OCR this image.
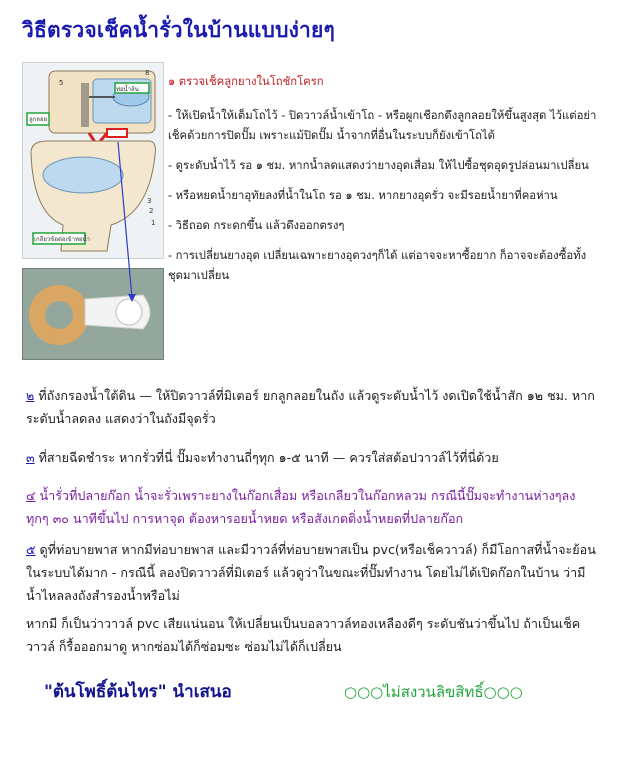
วิธีตรวจเช็คน้ำรั่วในบ้านแบบง่ายๆ
5
8
3
1
2
ท่อน้ำล้น
ลูกลอย
เกลียวข้อต่อเข้าท่อน้ำ
๑ ตรวจเช็คลูกยางในโถชักโครก
- ให้เปิดน้ำให้เต็มโถไว้ - ปิดวาวล์น้ำเข้าโถ - หรือผูกเชือกดึงลูกลอยให้ขึ้นสูงสุด ไว้แต่อย่าเช็คด้วยการปิดปั๊ม เพราะแม้ปิดปั๊ม น้ำจากที่อื่นในระบบก็ยังเข้าโถได้
- ดูระดับน้ำไว้ รอ ๑ ชม. หากน้ำลดแสดงว่ายางอุดเสื่อม ให้ไปซื้อชุดอุดรูปล่อนมาเปลี่ยน
- หรือหยดน้ำยาอุทัยลงที่น้ำในโถ รอ ๑ ชม. หากยางอุดรั่ว จะมีรอยน้ำยาที่คอห่าน
- วิธีถอด กระดกขึ้น แล้วดึงออกตรงๆ
- การเปลี่ยนยางอุด เปลี่ยนเฉพาะยางอุดวงๆก็ได้ แต่อาจจะหาซื้อยาก ก็อาจจะต้องซื้อทั้งชุดมาเปลี่ยน
๒ ที่ถังกรองน้ำใต้ดิน — ให้ปิดวาวล์ที่มิเตอร์ ยกลูกลอยในถัง แล้วดูระดับน้ำไว้ งดเปิดใช้น้ำสัก ๑๒ ชม. หากระดับน้ำลดลง แสดงว่าในถังมีจุดรั่ว
๓ ที่สายฉีดชำระ หากรั่วที่นี่ ปั๊มจะทำงานถี่ๆทุก ๑-๕ นาที — ควรใส่สต้อปวาวล์ไว้ที่นี่ด้วย
๔ น้ำรั่วที่ปลายก๊อก น้ำจะรั่วเพราะยางในก๊อกเสื่อม หรือเกลียวในก๊อกหลวม กรณีนี้ปั๊มจะทำงานห่างๆลงทุกๆ ๓๐ นาทีขึ้นไป การหาจุด ต้องหารอยน้ำหยด หรือสังเกตติ่งน้ำหยดที่ปลายก๊อก
๕ ดูที่ท่อบายพาส หากมีท่อบายพาส และมีวาวล์ที่ท่อบายพาสเป็น pvc(หรือเช็ควาวล์) ก็มีโอกาสที่น้ำจะย้อนในระบบได้มาก - กรณีนี้ ลองปิดวาวล์ที่มิเตอร์ แล้วดูว่าในขณะที่ปั๊มทำงาน โดยไม่ได้เปิดก๊อกในบ้าน ว่ามีน้ำไหลลงถังสำรองน้ำหรือไม่
หากมี ก็เป็นว่าวาวล์ pvc เสียแน่นอน ให้เปลี่ยนเป็นบอลวาวล์ทองเหลืองดีๆ ระดับชันว่าขึ้นไป ถ้าเป็นเช็ควาวล์ ก็รื้อออกมาดู หากซ่อมได้ก็ซ่อมซะ ซ่อมไม่ได้ก็เปลี่ยน
"ต้นโพธิ์ต้นไทร" นำเสนอ	○○○ไม่สงวนลิขสิทธิ์○○○
